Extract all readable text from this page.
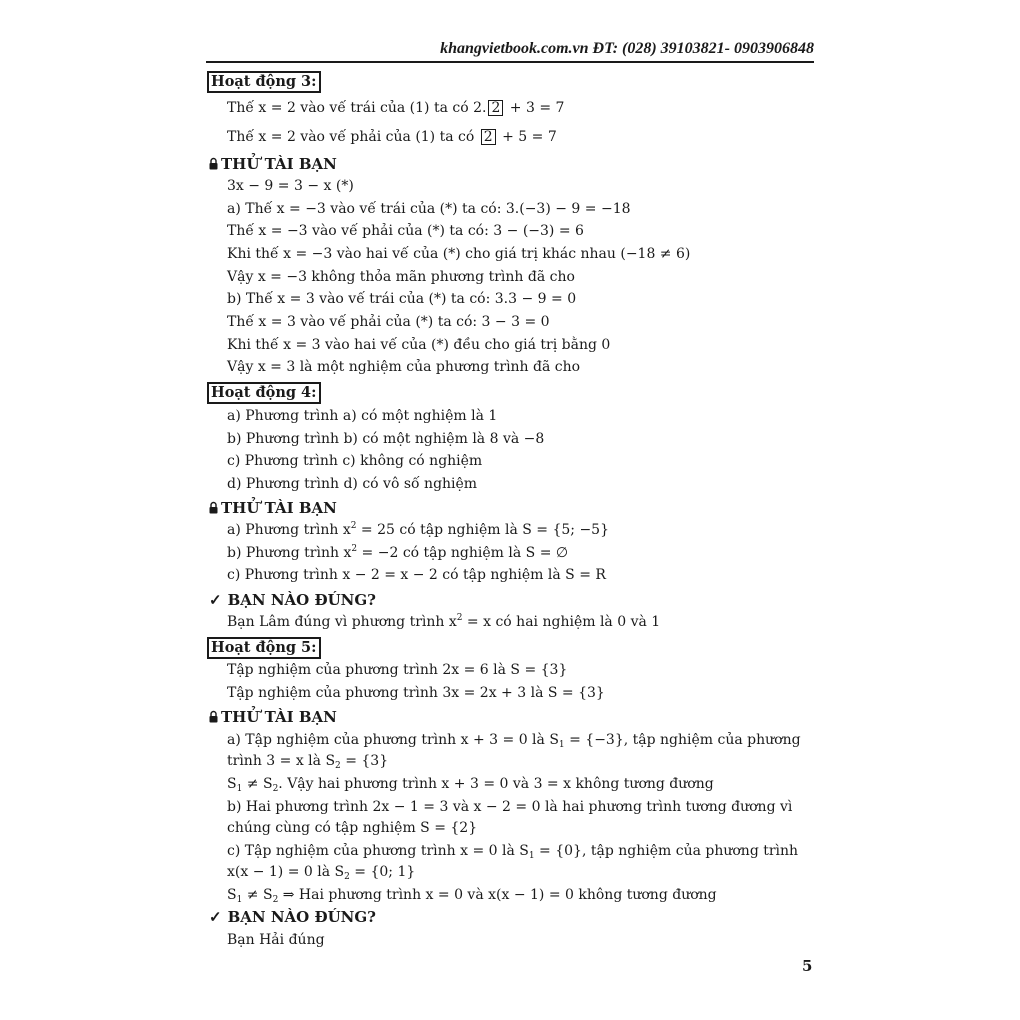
khangvietbook.com.vn ĐT: (028) 39103821- 0903906848
Hoạt động 3:
Thế x = 2 vào vế trái của (1) ta có 2. 2 + 3 = 7
Thế x = 2 vào vế phải của (1) ta có 2 + 5 = 7
THỬ TÀI BẠN
3x − 9 = 3 − x (*)
a) Thế x = −3 vào vế trái của (*) ta có: 3.(−3) − 9 = −18
Thế x = −3 vào vế phải của (*) ta có: 3 − (−3) = 6
Khi thế x = −3 vào hai vế của (*) cho giá trị khác nhau (−18 ≠ 6)
Vậy x = −3 không thỏa mãn phương trình đã cho
b) Thế x = 3 vào vế trái của (*) ta có: 3.3 − 9 = 0
Thế x = 3 vào vế phải của (*) ta có: 3 − 3 = 0
Khi thế x = 3 vào hai vế của (*) đều cho giá trị bằng 0
Vậy x = 3 là một nghiệm của phương trình đã cho
Hoạt động 4:
a) Phương trình a) có một nghiệm là 1
b) Phương trình b) có một nghiệm là 8 và −8
c) Phương trình c) không có nghiệm
d) Phương trình d) có vô số nghiệm
THỬ TÀI BẠN
a) Phương trình $x^2 = 25$ có tập nghiệm là S = {5; −5}
b) Phương trình $x^2 = -2$ có tập nghiệm là S = ∅
c) Phương trình x − 2 = x − 2 có tập nghiệm là S = R
✓ BẠN NÀO ĐÚNG?
Bạn Lâm đúng vì phương trình $x^2 = x$ có hai nghiệm là 0 và 1
Hoạt động 5:
Tập nghiệm của phương trình 2x = 6 là S = {3}
Tập nghiệm của phương trình 3x = 2x + 3 là S = {3}
THỬ TÀI BẠN
a) Tập nghiệm của phương trình x + 3 = 0 là $S_1 = \{-3\}$, tập nghiệm của phương
trình 3 = x là $S_2 = \{3\}$
$S_1 \ne S_2$. Vậy hai phương trình x + 3 = 0 và 3 = x không tương đương
b) Hai phương trình 2x − 1 = 3 và x − 2 = 0 là hai phương trình tương đương vì
chúng cùng có tập nghiệm S = {2}
c) Tập nghiệm của phương trình x = 0 là $S_1 = \{0\}$, tập nghiệm của phương trình
x(x − 1) = 0 là $S_2 = \{0$; 1}
$S_1 \ne S_2$ ⇒ Hai phương trình x = 0 và x(x − 1) = 0 không tương đương
✓ BẠN NÀO ĐÚNG?
Bạn Hải đúng
5
